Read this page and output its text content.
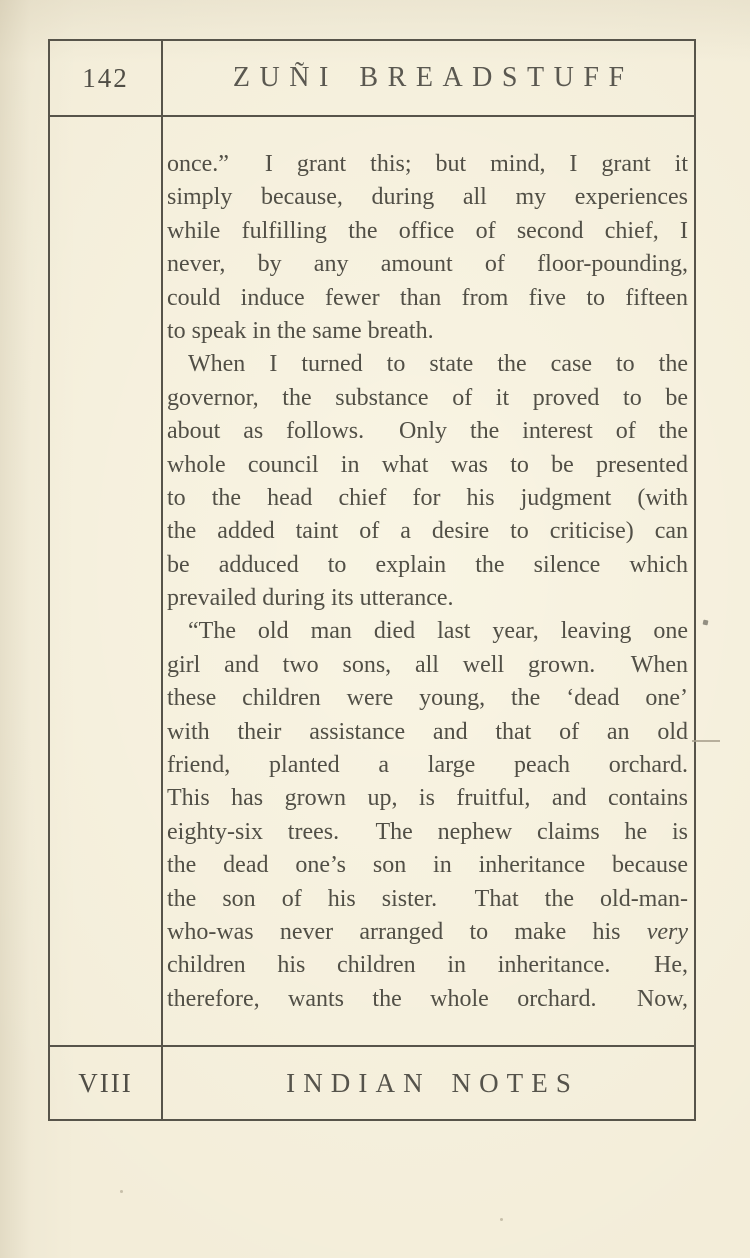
142	ZUÑI BREADSTUFF
once.”  I grant this; but mind, I grant it
simply because, during all my experiences
while fulfilling the office of second chief, I
never, by any amount of floor-pounding,
could induce fewer than from five to fifteen
to speak in the same breath.
When I turned to state the case to the
governor, the substance of it proved to be
about as follows.  Only the interest of the
whole council in what was to be presented
to the head chief for his judgment (with
the added taint of a desire to criticise) can
be adduced to explain the silence which
prevailed during its utterance.
“The old man died last year, leaving one
girl and two sons, all well grown.  When
these children were young, the ‘dead one’
with their assistance and that of an old
friend, planted a large peach orchard.
This has grown up, is fruitful, and contains
eighty-six trees.  The nephew claims he is
the dead one’s son in inheritance because
the son of his sister.  That the old-man-
who-was never arranged to make his very
children his children in inheritance.  He,
therefore, wants the whole orchard.  Now,
VIII	INDIAN NOTES
